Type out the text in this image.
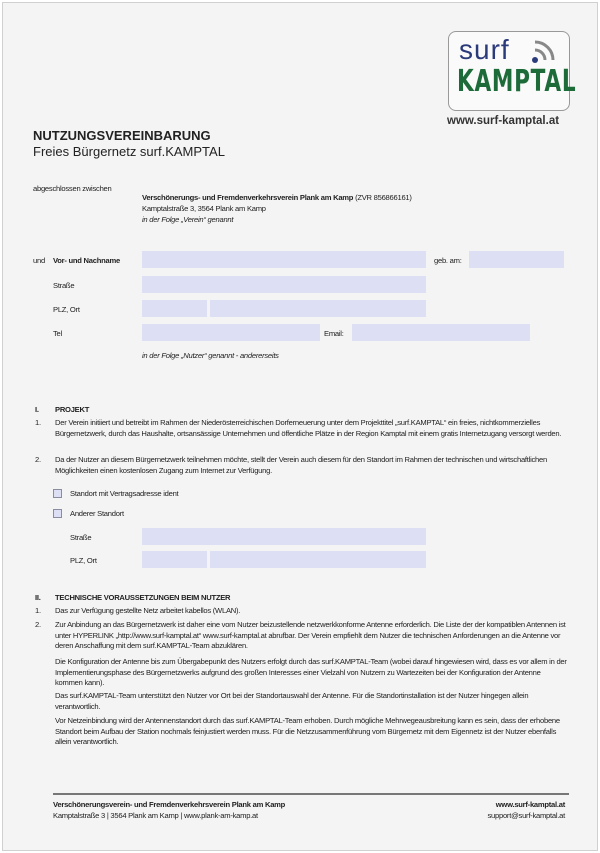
surf
KAMPTAL
www.surf-kamptal.at
NUTZUNGSVEREINBARUNG
Freies Bürgernetz surf.KAMPTAL
abgeschlossen zwischen
Verschönerungs- und Fremdenverkehrsverein Plank am Kamp (ZVR 856866161)
Kamptalstraße 3, 3564 Plank am Kamp
in der Folge „Verein“ genannt
und Vor- und Nachname	geb. am:
Straße
PLZ, Ort
Tel	Email:
in der Folge „Nutzer“ genannt - andererseits
I. PROJEKT
1. Der Verein initiiert und betreibt im Rahmen der Niederösterreichischen Dorferneuerung unter dem Projekttitel „surf.KAMPTAL“ ein freies, nichtkommerzielles Bürgernetzwerk, durch das Haushalte, ortsansässige Unternehmen und öffentliche Plätze in der Region Kamptal mit einem gratis Internetzugang versorgt werden.
2. Da der Nutzer an diesem Bürgernetzwerk teilnehmen möchte, stellt der Verein auch diesem für den Standort im Rahmen der technischen und wirtschaftlichen Möglichkeiten einen kostenlosen Zugang zum Internet zur Verfügung.
Standort mit Vertragsadresse ident
Anderer Standort
Straße
PLZ, Ort
II. TECHNISCHE VORAUSSETZUNGEN BEIM NUTZER
1. Das zur Verfügung gestellte Netz arbeitet kabellos (WLAN).
2. Zur Anbindung an das Bürgernetzwerk ist daher eine vom Nutzer beizustellende netzwerkkonforme Antenne erforderlich. Die Liste der der kompatiblen Antennen ist unter HYPERLINK „http://www.surf-kamptal.at“ www.surf-kamptal.at abrufbar. Der Verein empfiehlt dem Nutzer die technischen Anforderungen an die Antenne vor deren Anschaffung mit dem surf.KAMPTAL-Team abzuklären.
Die Konfiguration der Antenne bis zum Übergabepunkt des Nutzers erfolgt durch das surf.KAMPTAL-Team (wobei darauf hingewiesen wird, dass es vor allem in der Implementierungsphase des Bürgernetzwerks aufgrund des großen Interesses einer Vielzahl von Nutzern zu Wartezeiten bei der Konfiguration der Antenne kommen kann).
Das surf.KAMPTAL-Team unterstützt den Nutzer vor Ort bei der Standortauswahl der Antenne. Für die Standortinstallation ist der Nutzer hingegen allein verantwortlich.
Vor Netzeinbindung wird der Antennenstandort durch das surf.KAMPTAL-Team erhoben. Durch mögliche Mehrwegeausbreitung kann es sein, dass der erhobene Standort beim Aufbau der Station nochmals feinjustiert werden muss. Für die Netzzusammenführung vom Bürgernetz mit dem Eigennetz ist der Nutzer ebenfalls allein verantwortlich.
Verschönerungsverein- und Fremdenverkehrsverein Plank am Kamp
Kamptalstraße 3 | 3564 Plank am Kamp | www.plank-am-kamp.at
www.surf-kamptal.at
support@surf-kamptal.at
